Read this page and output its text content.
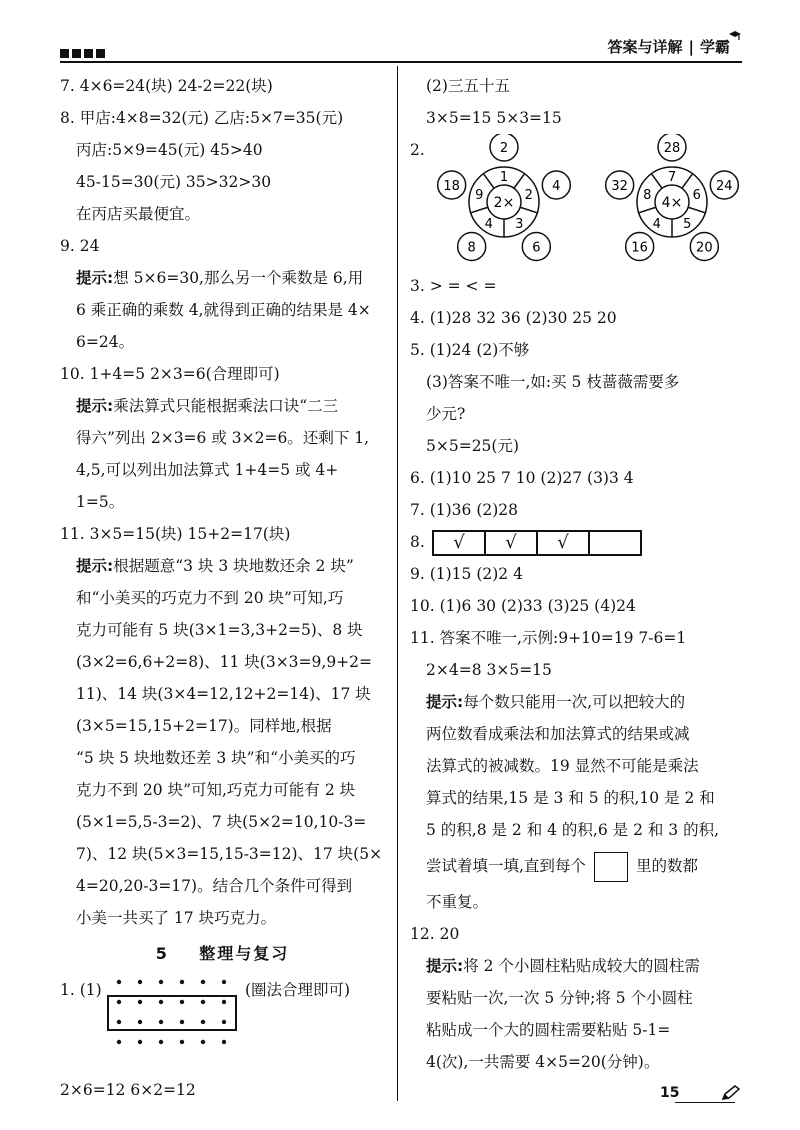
答案与详解 | 学霸
7. 4×6=24(块) 24-2=22(块)
8. 甲店:4×8=32(元) 乙店:5×7=35(元)
丙店:5×9=45(元) 45>40
45-15=30(元) 35>32>30
在丙店买最便宜。
9. 24
提示:想 5×6=30,那么另一个乘数是 6,用
6 乘正确的乘数 4,就得到正确的结果是 4×
6=24。
10. 1+4=5 2×3=6(合理即可)
提示:乘法算式只能根据乘法口诀“二三
得六”列出 2×3=6 或 3×2=6。还剩下 1,
4,5,可以列出加法算式 1+4=5 或 4+
1=5。
11. 3×5=15(块) 15+2=17(块)
提示:根据题意“3 块 3 块地数还余 2 块”
和“小美买的巧克力不到 20 块”可知,巧
克力可能有 5 块(3×1=3,3+2=5)、8 块
(3×2=6,6+2=8)、11 块(3×3=9,9+2=
11)、14 块(3×4=12,12+2=14)、17 块
(3×5=15,15+2=17)。同样地,根据
“5 块 5 块地数还差 3 块”和“小美买的巧
克力不到 20 块”可知,巧克力可能有 2 块
(5×1=5,5-3=2)、7 块(5×2=10,10-3=
7)、12 块(5×3=15,15-3=12)、17 块(5×
4=20,20-3=17)。结合几个条件可得到
小美一共买了 17 块巧克力。
5 整理与复习
1. (1)	(圈法合理即可)
2×6=12 6×2=12
(2)三五十五
3×5=15 5×3=15
2.
2×
1
2
2
4
3
6
4
8
9
18
4×
7
28
6
24
5
20
4
16
8
32
3. > = < =
4. (1)28 32 36 (2)30 25 20
5. (1)24 (2)不够
(3)答案不唯一,如:买 5 枝蔷薇需要多
少元?
5×5=25(元)
6. (1)10 25 7 10 (2)27 (3)3 4
7. (1)36 (2)28
8.	√	√	√
9. (1)15 (2)2 4
10. (1)6 30 (2)33 (3)25 (4)24
11. 答案不唯一,示例:9+10=19 7-6=1
2×4=8 3×5=15
提示:每个数只能用一次,可以把较大的
两位数看成乘法和加法算式的结果或减
法算式的被减数。19 显然不可能是乘法
算式的结果,15 是 3 和 5 的积,10 是 2 和
5 的积,8 是 2 和 4 的积,6 是 2 和 3 的积,
尝试着填一填,直到每个	里的数都
不重复。
12. 20
提示:将 2 个小圆柱粘贴成较大的圆柱需
要粘贴一次,一次 5 分钟;将 5 个小圆柱
粘贴成一个大的圆柱需要粘贴 5-1=
4(次),一共需要 4×5=20(分钟)。
15
